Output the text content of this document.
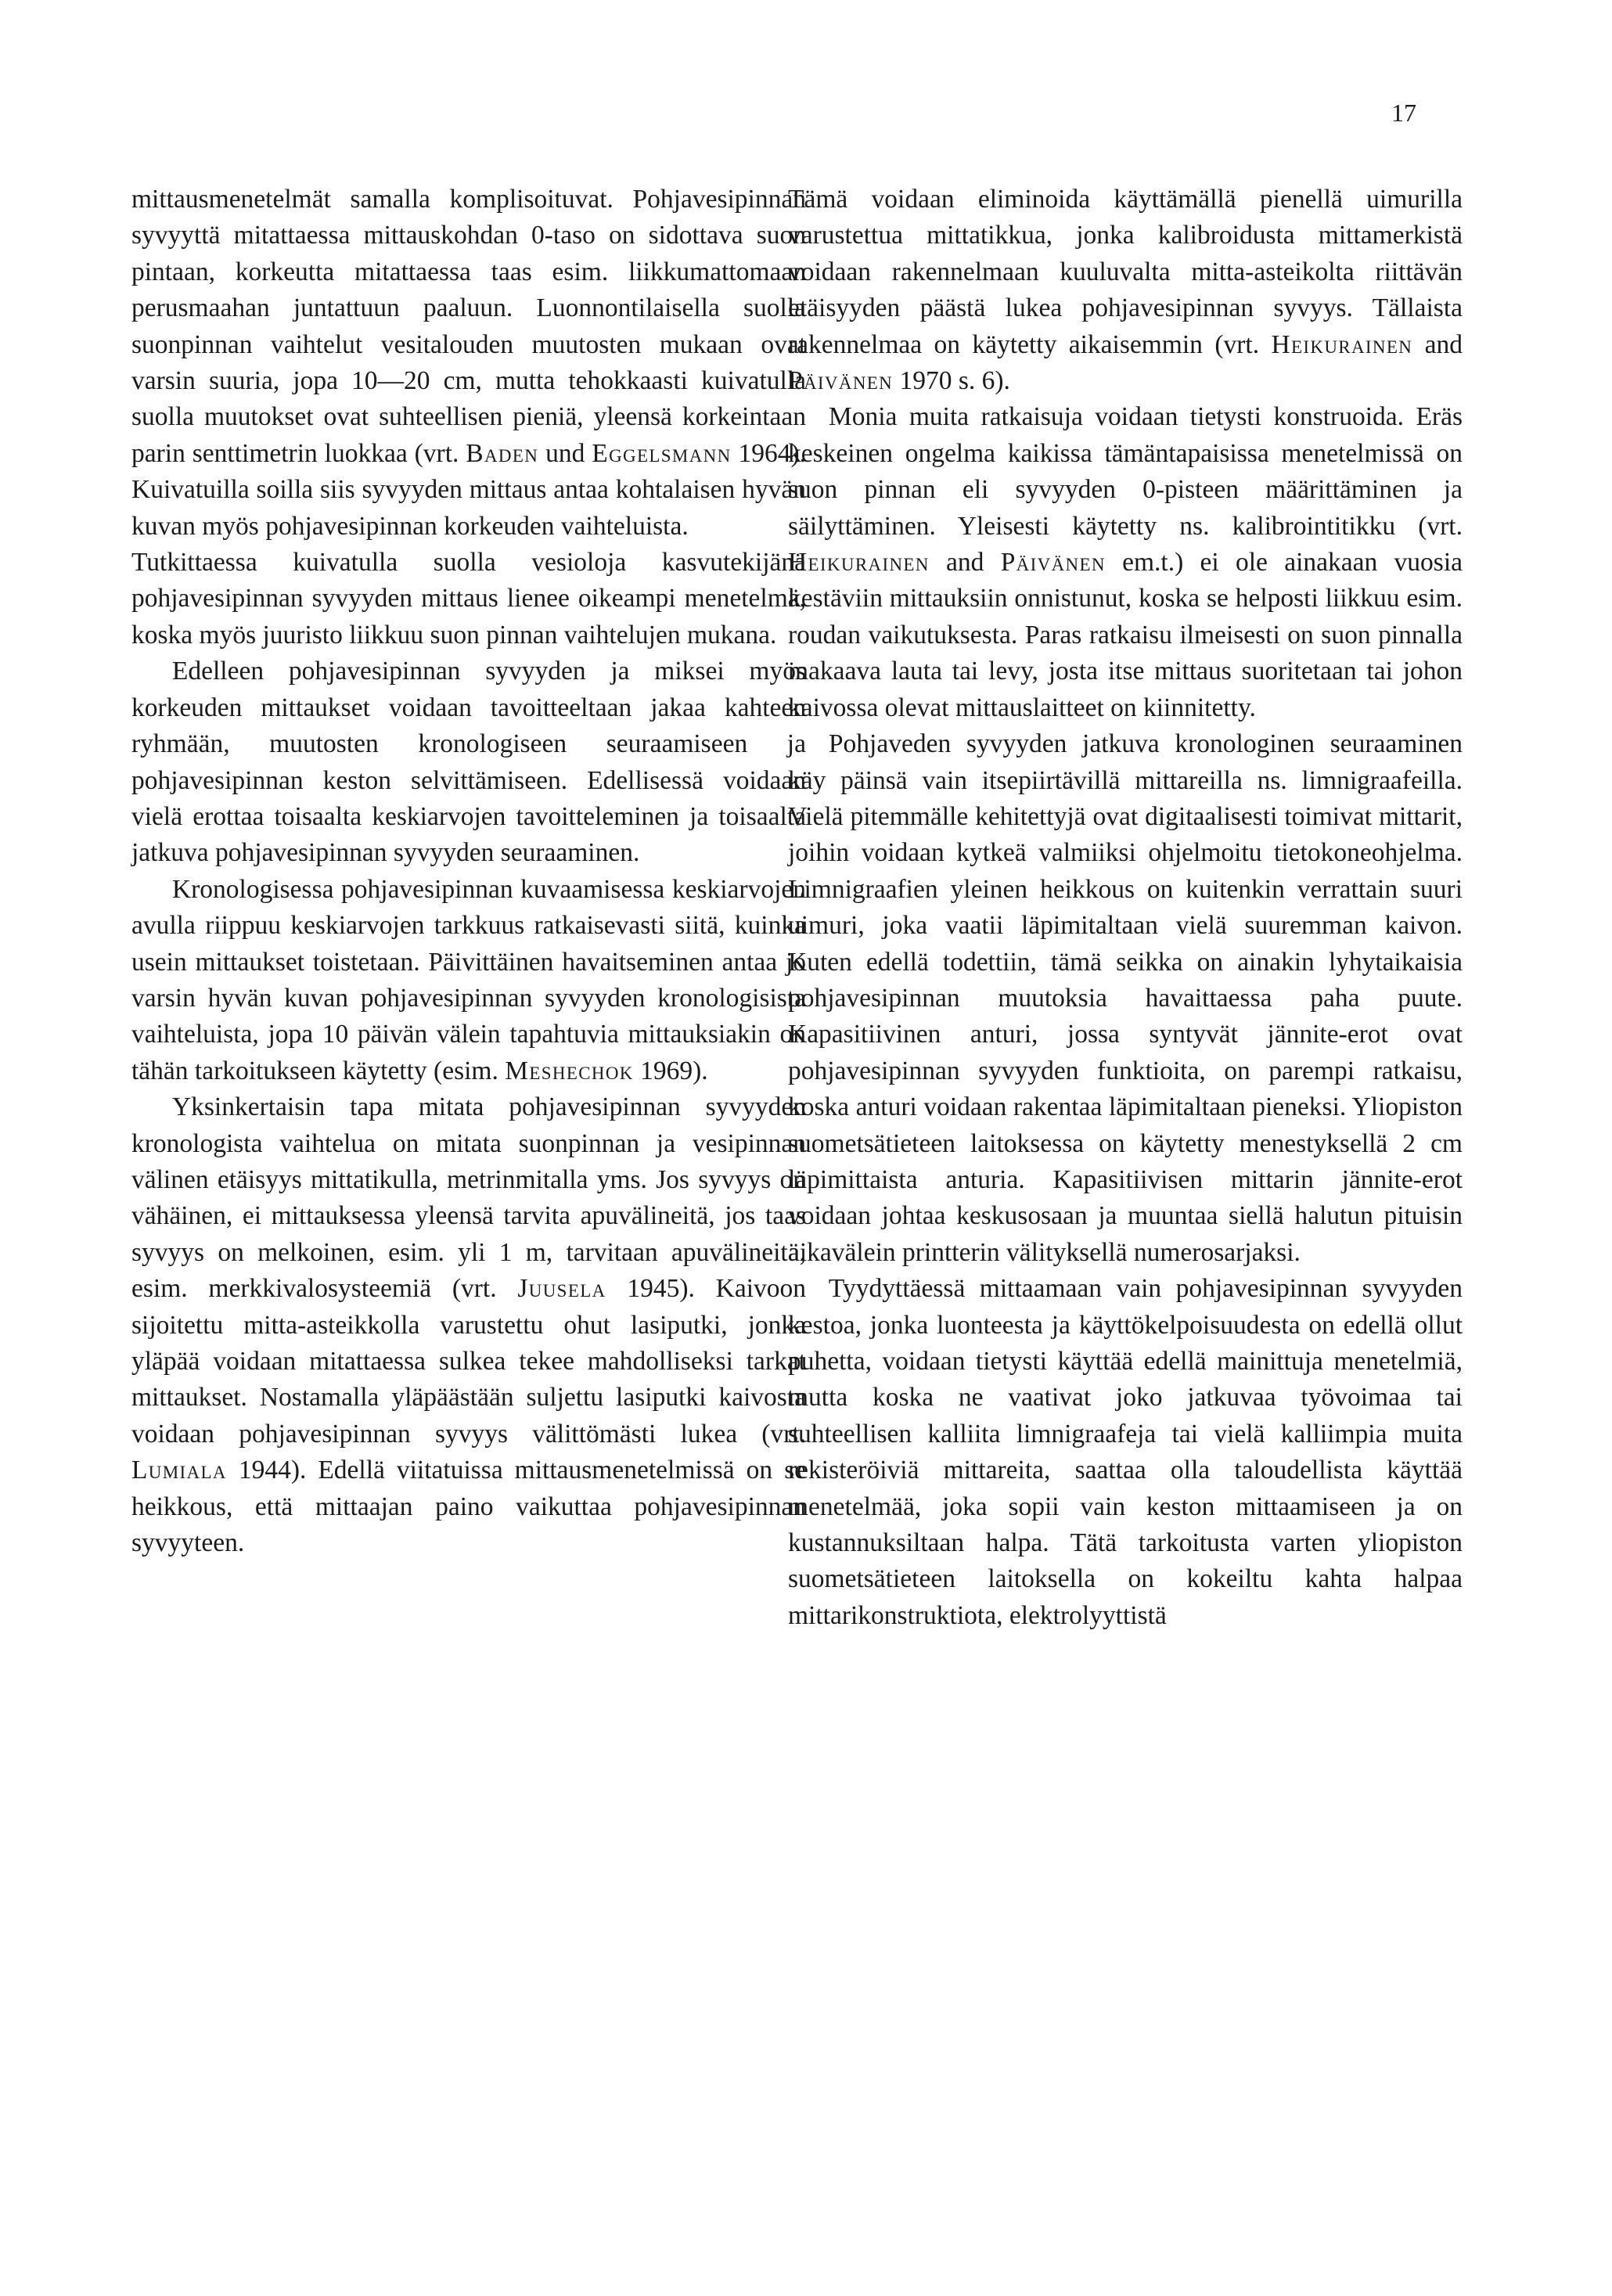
17

mittausmenetelmät samalla komplisoituvat. Pohjavesipinnan syvyyttä mitattaessa mittauskohdan 0-taso on sidottava suon pintaan, korkeutta mitattaessa taas esim. liikkumattomaan perusmaahan juntattuun paaluun. Luonnontilaisella suolla suonpinnan vaihtelut vesitalouden muutosten mukaan ovat varsin suuria, jopa 10—20 cm, mutta tehokkaasti kuivatulla suolla muutokset ovat suhteellisen pieniä, yleensä korkeintaan parin senttimetrin luokkaa (vrt. Baden und Eggelsmann 1964). Kuivatuilla soilla siis syvyyden mittaus antaa kohtalaisen hyvän kuvan myös pohjavesipinnan korkeuden vaihteluista.

Tutkittaessa kuivatulla suolla vesioloja kasvutekijänä pohjavesipinnan syvyyden mittaus lienee oikeampi menetelmä, koska myös juuristo liikkuu suon pinnan vaihtelujen mukana.

Edelleen pohjavesipinnan syvyyden ja miksei myös korkeuden mittaukset voidaan tavoitteeltaan jakaa kahteen ryhmään, muutosten kronologiseen seuraamiseen ja pohjavesipinnan keston selvittämiseen. Edellisessä voidaan vielä erottaa toisaalta keskiarvojen tavoitteleminen ja toisaalta jatkuva pohjavesipinnan syvyyden seuraaminen.

Kronologisessa pohjavesipinnan kuvaamisessa keskiarvojen avulla riippuu keskiarvojen tarkkuus ratkaisevasti siitä, kuinka usein mittaukset toistetaan. Päivittäinen havaitseminen antaa jo varsin hyvän kuvan pohjavesipinnan syvyyden kronologisista vaihteluista, jopa 10 päivän välein tapahtuvia mittauksiakin on tähän tarkoitukseen käytetty (esim. Meshechok 1969).

Yksinkertaisin tapa mitata pohjavesipinnan syvyyden kronologista vaihtelua on mitata suonpinnan ja vesipinnan välinen etäisyys mittatikulla, metrinmitalla yms. Jos syvyys on vähäinen, ei mittauksessa yleensä tarvita apuvälineitä, jos taas syvyys on melkoinen, esim. yli 1 m, tarvitaan apuvälineitä, esim. merkkivalosysteemiä (vrt. Juusela 1945). Kaivoon sijoitettu mitta-asteikkolla varustettu ohut lasiputki, jonka yläpää voidaan mitattaessa sulkea tekee mahdolliseksi tarkat mittaukset. Nostamalla yläpäästään suljettu lasiputki kaivosta voidaan pohjavesipinnan syvyys välittömästi lukea (vrt. Lumiala 1944). Edellä viitatuissa mittausmenetelmissä on se heikkous, että mittaajan paino vaikuttaa pohjavesipinnan syvyyteen.

Tämä voidaan eliminoida käyttämällä pienellä uimurilla varustettua mittatikkua, jonka kalibroidusta mittamerkistä voidaan rakennelmaan kuuluvalta mitta-asteikolta riittävän etäisyyden päästä lukea pohjavesipinnan syvyys. Tällaista rakennelmaa on käytetty aikaisemmin (vrt. Heikurainen and Päivänen 1970 s. 6).

Monia muita ratkaisuja voidaan tietysti konstruoida. Eräs keskeinen ongelma kaikissa tämäntapaisissa menetelmissä on suon pinnan eli syvyyden 0-pisteen määrittäminen ja säilyttäminen. Yleisesti käytetty ns. kalibrointitikku (vrt. Heikurainen and Päivänen em.t.) ei ole ainakaan vuosia kestäviin mittauksiin onnistunut, koska se helposti liikkuu esim. roudan vaikutuksesta. Paras ratkaisu ilmeisesti on suon pinnalla makaava lauta tai levy, josta itse mittaus suoritetaan tai johon kaivossa olevat mittauslaitteet on kiinnitetty.

Pohjaveden syvyyden jatkuva kronologinen seuraaminen käy päinsä vain itsepiirtävillä mittareilla ns. limnigraafeilla. Vielä pitemmälle kehitettyjä ovat digitaalisesti toimivat mittarit, joihin voidaan kytkeä valmiiksi ohjelmoitu tietokoneohjelma. Limnigraafien yleinen heikkous on kuitenkin verrattain suuri uimuri, joka vaatii läpimitaltaan vielä suuremman kaivon. Kuten edellä todettiin, tämä seikka on ainakin lyhytaikaisia pohjavesipinnan muutoksia havaittaessa paha puute. Kapasitiivinen anturi, jossa syntyvät jännite-erot ovat pohjavesipinnan syvyyden funktioita, on parempi ratkaisu, koska anturi voidaan rakentaa läpimitaltaan pieneksi. Yliopiston suometsätieteen laitoksessa on käytetty menestyksellä 2 cm läpimittaista anturia. Kapasitiivisen mittarin jännite-erot voidaan johtaa keskusosaan ja muuntaa siellä halutun pituisin aikavälein printterin välityksellä numerosarjaksi.

Tyydyttäessä mittaamaan vain pohjavesipinnan syvyyden kestoa, jonka luonteesta ja käyttökelpoisuudesta on edellä ollut puhetta, voidaan tietysti käyttää edellä mainittuja menetelmiä, mutta koska ne vaativat joko jatkuvaa työvoimaa tai suhteellisen kalliita limnigraafeja tai vielä kalliimpia muita rekisteröiviä mittareita, saattaa olla taloudellista käyttää menetelmää, joka sopii vain keston mittaamiseen ja on kustannuksiltaan halpa. Tätä tarkoitusta varten yliopiston suometsätieteen laitoksella on kokeiltu kahta halpaa mittarikonstruktiota, elektrolyyttistä
